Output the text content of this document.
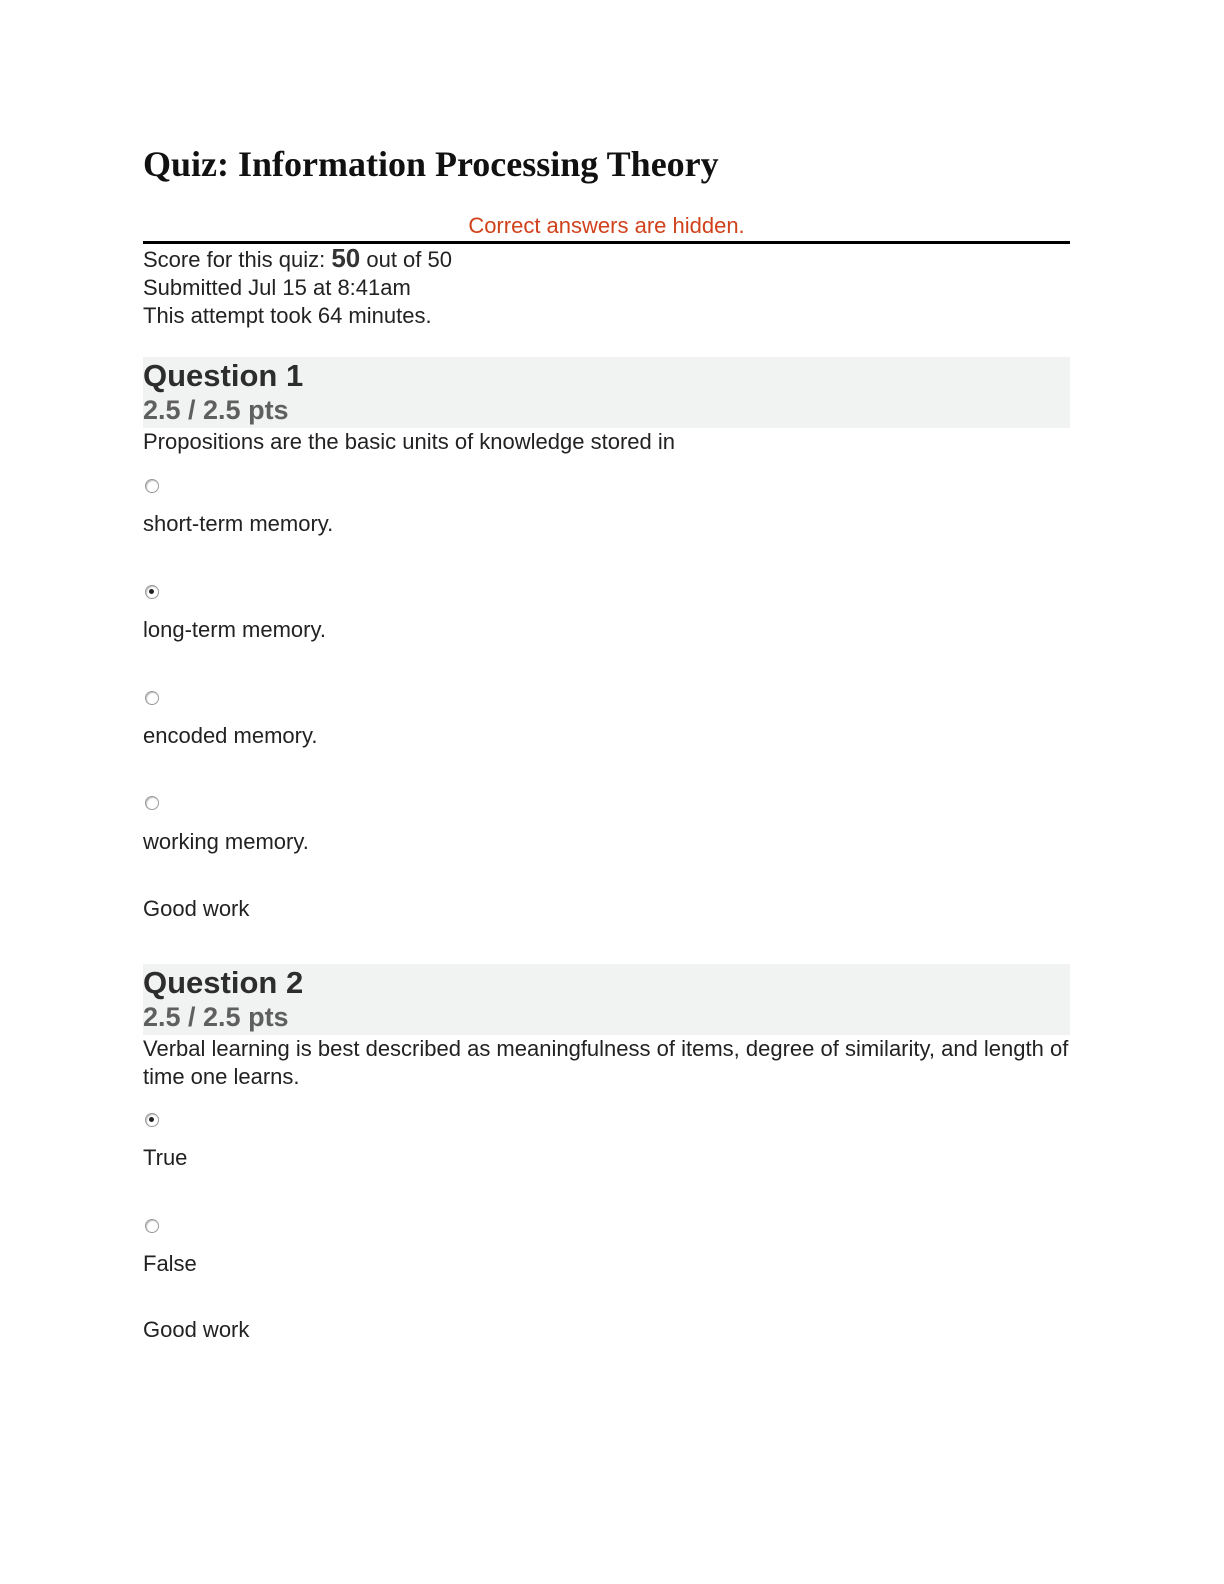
Quiz: Information Processing Theory
Correct answers are hidden.
Score for this quiz: 50 out of 50
Submitted Jul 15 at 8:41am
This attempt took 64 minutes.
Question 1
2.5 / 2.5 pts
Propositions are the basic units of knowledge stored in
short-term memory.
long-term memory.
encoded memory.
working memory.
Good work
Question 2
2.5 / 2.5 pts
Verbal learning is best described as meaningfulness of items, degree of similarity, and length of time one learns.
True
False
Good work
